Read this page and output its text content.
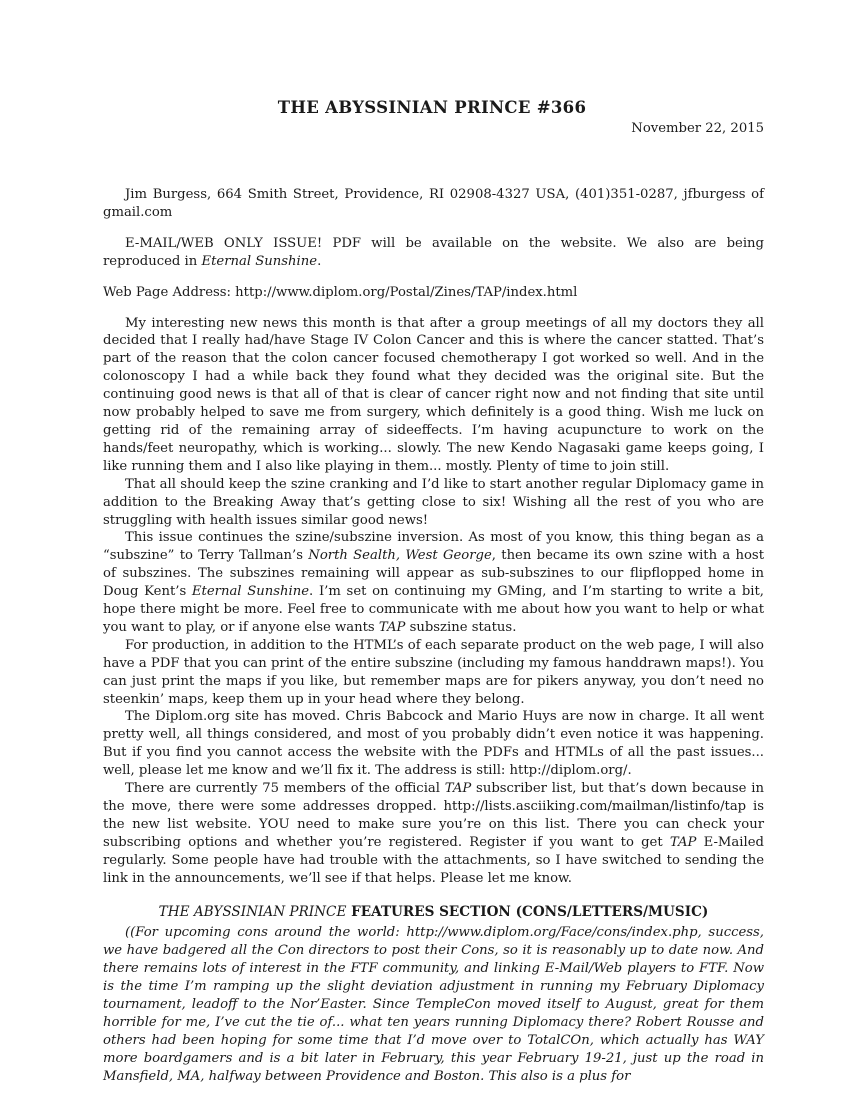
THE ABYSSINIAN PRINCE #366
November 22, 2015

Jim Burgess, 664 Smith Street, Providence, RI 02908-4327 USA, (401)351-0287, jfburgess of gmail.com

E-MAIL/WEB ONLY ISSUE! PDF will be available on the website. We also are being reproduced in Eternal Sunshine.

Web Page Address: http://www.diplom.org/Postal/Zines/TAP/index.html

My interesting new news this month is that after a group meetings of all my doctors they all decided that I really had/have Stage IV Colon Cancer and this is where the cancer statted. That’s part of the reason that the colon cancer focused chemotherapy I got worked so well. And in the colonoscopy I had a while back they found what they decided was the original site. But the continuing good news is that all of that is clear of cancer right now and not finding that site until now probably helped to save me from surgery, which definitely is a good thing. Wish me luck on getting rid of the remaining array of sideeffects. I’m having acupuncture to work on the hands/feet neuropathy, which is working... slowly. The new Kendo Nagasaki game keeps going, I like running them and I also like playing in them... mostly. Plenty of time to join still.

That all should keep the szine cranking and I’d like to start another regular Diplomacy game in addition to the Breaking Away that’s getting close to six! Wishing all the rest of you who are struggling with health issues similar good news!

This issue continues the szine/subszine inversion. As most of you know, this thing began as a “subszine” to Terry Tallman’s North Sealth, West George, then became its own szine with a host of subszines. The subszines remaining will appear as sub-subszines to our flipflopped home in Doug Kent’s Eternal Sunshine. I’m set on continuing my GMing, and I’m starting to write a bit, hope there might be more. Feel free to communicate with me about how you want to help or what you want to play, or if anyone else wants TAP subszine status.

For production, in addition to the HTML’s of each separate product on the web page, I will also have a PDF that you can print of the entire subszine (including my famous handdrawn maps!). You can just print the maps if you like, but remember maps are for pikers anyway, you don’t need no steenkin’ maps, keep them up in your head where they belong.

The Diplom.org site has moved. Chris Babcock and Mario Huys are now in charge. It all went pretty well, all things considered, and most of you probably didn’t even notice it was happening. But if you find you cannot access the website with the PDFs and HTMLs of all the past issues... well, please let me know and we’ll fix it. The address is still: http://diplom.org/.

There are currently 75 members of the official TAP subscriber list, but that’s down because in the move, there were some addresses dropped. http://lists.asciiking.com/mailman/listinfo/tap is the new list website. YOU need to make sure you’re on this list. There you can check your subscribing options and whether you’re registered. Register if you want to get TAP E-Mailed regularly. Some people have had trouble with the attachments, so I have switched to sending the link in the announcements, we’ll see if that helps. Please let me know.

THE ABYSSINIAN PRINCE FEATURES SECTION (CONS/LETTERS/MUSIC)

((For upcoming cons around the world: http://www.diplom.org/Face/cons/index.php, success, we have badgered all the Con directors to post their Cons, so it is reasonably up to date now. And there remains lots of interest in the FTF community, and linking E-Mail/Web players to FTF. Now is the time I’m ramping up the slight deviation adjustment in running my February Diplomacy tournament, leadoff to the Nor’Easter. Since TempleCon moved itself to August, great for them horrible for me, I’ve cut the tie of... what ten years running Diplomacy there? Robert Rousse and others had been hoping for some time that I’d move over to TotalCOn, which actually has WAY more boardgamers and is a bit later in February, this year February 19-21, just up the road in Mansfield, MA, halfway between Providence and Boston. This also is a plus for
